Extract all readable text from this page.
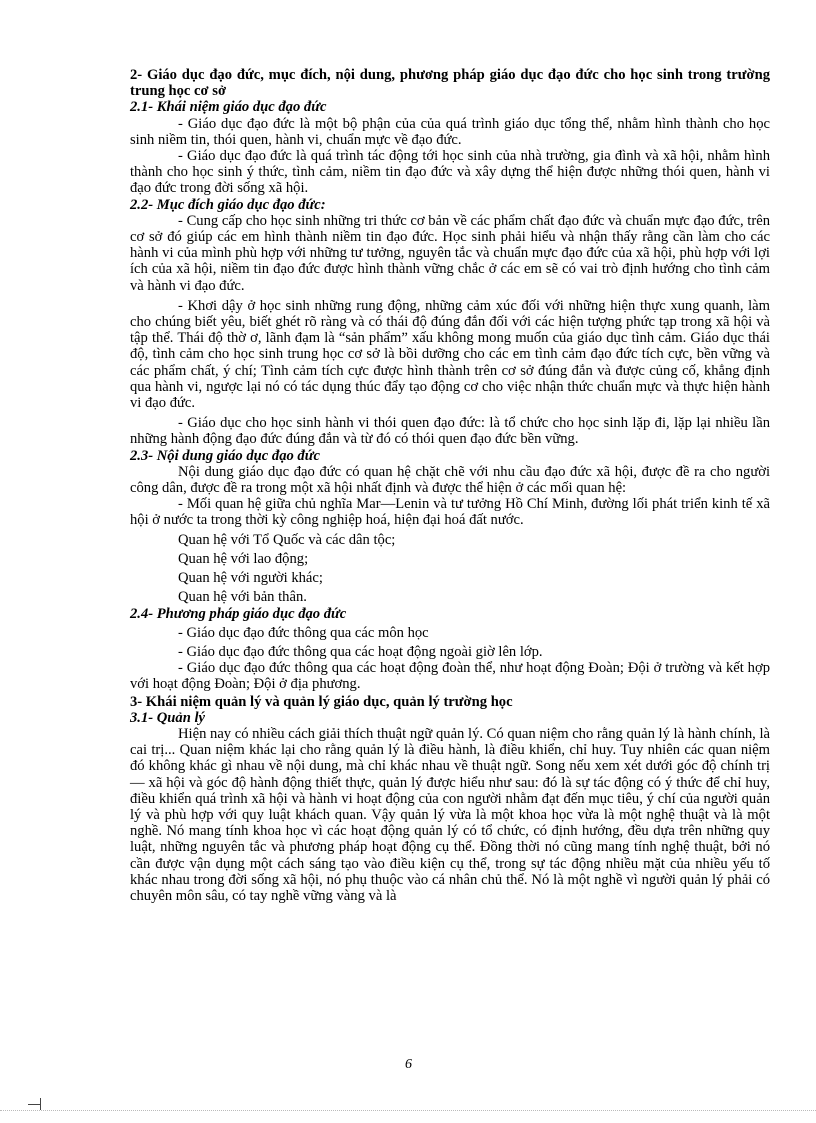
2- Giáo dục đạo đức, mục đích, nội dung, phương pháp giáo dục đạo đức cho học sinh trong trường trung học cơ sở

2.1- Khái niệm giáo dục đạo đức

- Giáo dục đạo đức là một bộ phận của của quá trình giáo dục tổng thể, nhằm hình thành cho học sinh niềm tin, thói quen, hành vi, chuẩn mực về đạo đức.

- Giáo dục đạo đức là quá trình tác động tới học sinh của nhà trường, gia đình và xã hội, nhằm hình thành cho học sinh ý thức, tình cảm, niềm tin đạo đức và xây dựng thể hiện được những thói quen, hành vi đạo đức trong đời sống xã hội.

2.2- Mục đích giáo dục đạo đức:

- Cung cấp cho học sinh những tri thức cơ bản về các phẩm chất đạo đức và chuẩn mực đạo đức, trên cơ sở đó giúp các em hình thành niềm tin đạo đức. Học sinh phải hiểu và nhận thấy rằng cần làm cho các hành vi của mình phù hợp với những tư tưởng, nguyên tắc và chuẩn mực đạo đức của xã hội, phù hợp với lợi ích của xã hội, niềm tin đạo đức được hình thành vững chắc ở các em sẽ có vai trò định hướng cho tình cảm và hành vi đạo đức.

- Khơi dậy ở học sinh những rung động, những cảm xúc đối với những hiện thực xung quanh, làm cho chúng biết yêu, biết ghét rõ ràng và có thái độ đúng đắn đối với các hiện tượng phức tạp trong xã hội và tập thể. Thái độ thờ ơ, lãnh đạm là “sản phẩm” xấu không mong muốn của giáo dục tình cảm. Giáo dục thái độ, tình cảm cho học sinh trung học cơ sở là bồi dưỡng cho các em tình cảm đạo đức tích cực, bền vững và các phẩm chất, ý chí; Tình cảm tích cực được hình thành trên cơ sở đúng đắn và được củng cố, khẳng định qua hành vi, ngược lại nó có tác dụng thúc đẩy tạo động cơ cho việc nhận thức chuẩn mực và thực hiện hành vi đạo đức.

- Giáo dục cho học sinh hành vi thói quen đạo đức: là tổ chức cho học sinh lặp đi, lặp lại nhiều lần những hành động đạo đức đúng đắn và từ đó có thói quen đạo đức bền vững.

2.3- Nội dung giáo dục đạo đức

Nội dung giáo dục đạo đức có quan hệ chặt chẽ với nhu cầu đạo đức xã hội, được đề ra cho người công dân, được đề ra trong một xã hội nhất định và được thể hiện ở các mối quan hệ:

- Mối quan hệ giữa chủ nghĩa Mar—Lenin và tư tưởng Hồ Chí Minh, đường lối phát triển kinh tế xã hội ở nước ta trong thời kỳ công nghiệp hoá, hiện đại hoá đất nước.

Quan hệ với Tổ Quốc và các dân tộc;

Quan hệ với lao động;

Quan hệ với người khác;

Quan hệ với bản thân.

2.4- Phương pháp giáo dục đạo đức

- Giáo dục đạo đức thông qua các môn học

- Giáo dục đạo đức thông qua các hoạt động ngoài giờ lên lớp.

- Giáo dục đạo đức thông qua các hoạt động đoàn thể, như hoạt động Đoàn; Đội ở trường và kết hợp với hoạt động Đoàn; Đội ở địa phương.

3- Khái niệm quản lý và quản lý giáo dục, quản lý trường học

3.1- Quản lý

Hiện nay có nhiều cách giải thích thuật ngữ quản lý. Có quan niệm cho rằng quản lý là hành chính, là cai trị... Quan niệm khác lại cho rằng quản lý là điều hành, là điều khiển, chỉ huy. Tuy nhiên các quan niệm đó không khác gì nhau về nội dung, mà chỉ khác nhau về thuật ngữ. Song nếu xem xét dưới góc độ chính trị — xã hội và góc độ hành động thiết thực, quản lý được hiểu như sau: đó là sự tác động có ý thức để chỉ huy, điều khiển quá trình xã hội và hành vi hoạt động của con người nhằm đạt đến mục tiêu, ý chí của người quản lý và phù hợp với quy luật khách quan. Vậy quản lý vừa là một khoa học vừa là một nghệ thuật và là một nghề. Nó mang tính khoa học vì các hoạt động quản lý có tổ chức, có định hướng, đều dựa trên những quy luật, những nguyên tắc và phương pháp hoạt động cụ thể. Đồng thời nó cũng mang tính nghệ thuật, bởi nó cần được vận dụng một cách sáng tạo vào điều kiện cụ thể, trong sự tác động nhiều mặt của nhiều yếu tố khác nhau trong đời sống xã hội, nó phụ thuộc vào cá nhân chủ thể. Nó là một nghề vì người quản lý phải có chuyên môn sâu, có tay nghề vững vàng và là

6
